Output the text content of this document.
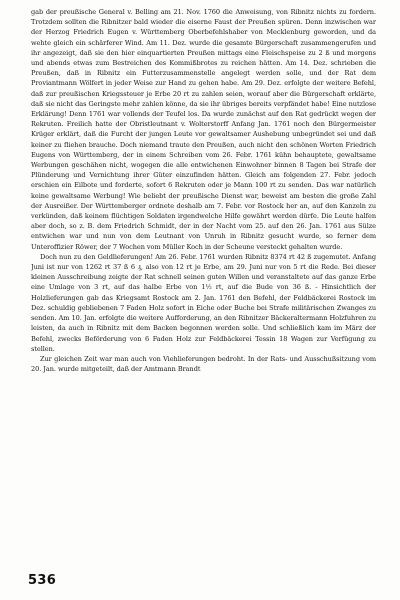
gab der preußische General v. Belling am 21. Nov. 1760 die Anweisung, von Ribnitz nichts zu fordern.
Trotzdem sollten die Ribnitzer bald wieder die eiserne Faust der Preußen spüren. Denn inzwischen war
der Herzog Friedrich Eugen v. Württemberg Oberbefehlshaber von Mecklenburg geworden, und da
wehte gleich ein schärferer Wind. Am 11. Dez. wurde die gesamte Bürgerschaft zusammengerufen und
ihr angezeigt, daß sie den hier einquartierten Preußen mittags eine Fleischspeise zu 2 ß und morgens
und abends etwas zum Bestreichen des Kommißbrotes zu reichen hätten. Am 14. Dez. schrieben die
Preußen, daß in Ribnitz ein Futterzusammenstelle angelegt werden solle, und der Rat dem
Proviantmann Wölfert in jeder Weise zur Hand zu gehen habe. Am 29. Dez. erfolgte der weitere Befehl,
daß zur preußischen Kriegssteuer je Erbe 20 rt zu zahlen seien, worauf aber die Bürgerschaft erklärte,
daß sie nicht das Geringste mehr zahlen könne, da sie ihr übriges bereits verpfändet habe! Eine nutzlose
Erklärung! Denn 1761 war vollends der Teufel los. Da wurde zunächst auf den Rat gedrückt wegen der
Rekruten. Freilich hatte der Obristleutnant v. Wolterstorff Anfang Jan. 1761 noch den Bürgermeister
Krüger erklärt, daß die Furcht der jungen Leute vor gewaltsamer Aushebung unbegründet sei und daß
keiner zu fliehen brauche. Doch niemand traute den Preußen, auch nicht den schönen Worten Friedrich
Eugens von Württemberg, der in einem Schreiben vom 26. Febr. 1761 kühn behauptete, gewaltsame
Werbungen geschähen nicht, wogegen die alle entwichenen Einwohner binnen 8 Tagen bei Strafe der
Plünderung und Vernichtung ihrer Güter einzufinden hätten. Gleich am folgenden 27. Febr. jedoch
erschien ein Eilbote und forderte, sofort 6 Rekruten oder je Mann 100 rt zu senden. Das war natürlich
keine gewaltsame Werbung! Wie beliebt der preußische Dienst war, beweist am besten die große Zahl
der Ausreißer. Der Württemberger ordnete deshalb am 7. Febr. vor Rostock her an, auf den Kanzeln zu
verkünden, daß keinem flüchtigen Soldaten irgendwelche Hilfe gewährt werden dürfe. Die Leute halfen
aber doch, so z. B. dem Friedrich Schmidt, der in der Nacht vom 25. auf den 26. Jan. 1761 aus Sülze
entwichen war und nun von dem Leutnant von Unruh in Ribnitz gesucht wurde, so ferner dem
Unteroffizier Röwer, der 7 Wochen vom Müller Koch in der Scheune versteckt gehalten wurde.
Doch nun zu den Geldlieferungen! Am 26. Febr. 1761 wurden Ribnitz 8374 rt 42 ß zugemutet. Anfang
Juni ist nur von 1262 rt 37 ß 6 ₰, also von 12 rt je Erbe, am 29. Juni nur von 5 rt die Rede. Bei dieser
kleinen Ausschreibung zeigte der Rat schnell seinen guten Willen und veranstaltete auf das ganze Erbe
eine Umlage von 3 rt, auf das halbe Erbe von 1½ rt, auf die Bude von 36 ß. - Hinsichtlich der
Holzlieferungen gab das Kriegsamt Rostock am 2. Jan. 1761 den Befehl, der Feldbäckerei Rostock im
Dez. schuldig gebliebenen 7 Faden Holz sofort in Eiche oder Buche bei Strafe militärischen Zwanges zu
senden. Am 10. Jan. erfolgte die weitere Aufforderung, an den Ribnitzer Bäckeraltermann Holzfuhren zu
leisten, da auch in Ribnitz mit dem Backen begonnen werden solle. Und schließlich kam im März der
Befehl, zwecks Beförderung von 6 Faden Holz zur Feldbäckerei Tessin 18 Wagen zur Verfügung zu
stellen.
Zur gleichen Zeit war man auch von Viehlieferungen bedroht. In der Rats- und Ausschußsitzung vom
20. Jan. wurde mitgeteilt, daß der Amtmann Brandt
536
